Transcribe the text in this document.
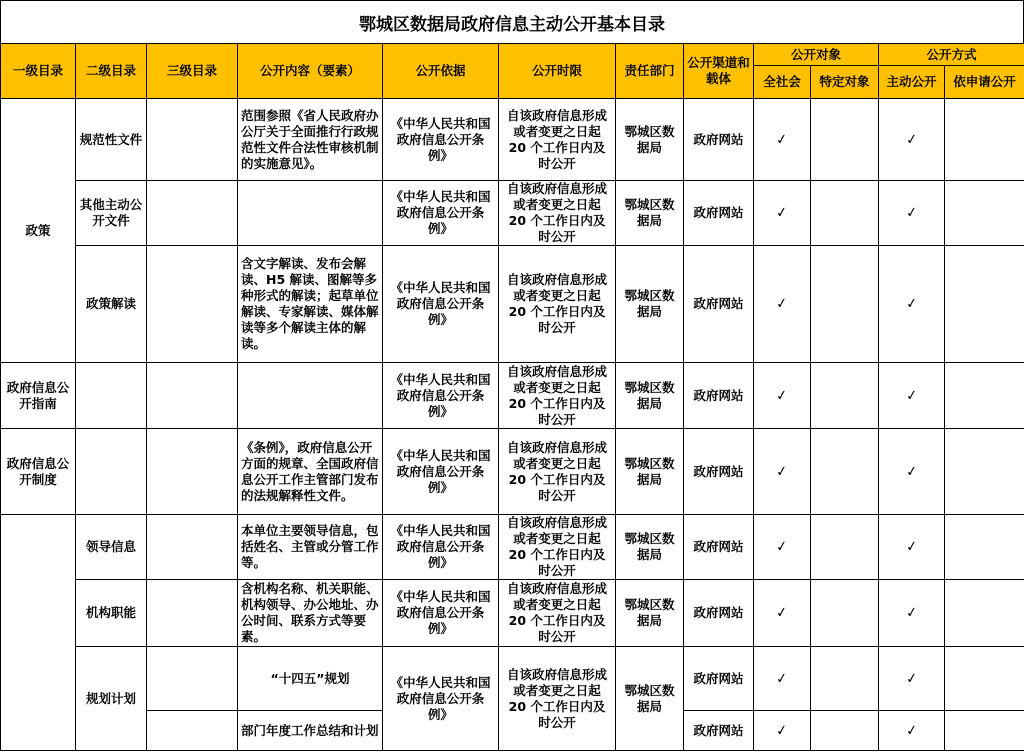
鄂城区数据局政府信息主动公开基本目录
一级目录	二级目录	三级目录	公开内容（要素）	公开依据	公开时限	责任部门	公开渠道和载体	公开对象		公开方式	
								全社会	特定对象	主动公开	依申请公开
政策	规范性文件		范围参照《省人民政府办公厅关于全面推行行政规范性文件合法性审核机制的实施意见》。	《中华人民共和国政府信息公开条例》	自该政府信息形成或者变更之日起 20 个工作日内及时公开	鄂城区数据局	政府网站	✓		✓	
	其他主动公开文件			《中华人民共和国政府信息公开条例》	自该政府信息形成或者变更之日起 20 个工作日内及时公开	鄂城区数据局	政府网站	✓		✓	
	政策解读		含文字解读、发布会解读、H5 解读、图解等多种形式的解读；起草单位解读、专家解读、媒体解读等多个解读主体的解读。	《中华人民共和国政府信息公开条例》	自该政府信息形成或者变更之日起 20 个工作日内及时公开	鄂城区数据局	政府网站	✓		✓	
政府信息公开指南				《中华人民共和国政府信息公开条例》	自该政府信息形成或者变更之日起 20 个工作日内及时公开	鄂城区数据局	政府网站	✓		✓	
政府信息公开制度			《条例》，政府信息公开方面的规章、全国政府信息公开工作主管部门发布的法规解释性文件。	《中华人民共和国政府信息公开条例》	自该政府信息形成或者变更之日起 20 个工作日内及时公开	鄂城区数据局	政府网站	✓		✓	
	领导信息		本单位主要领导信息，包括姓名、主管或分管工作等。	《中华人民共和国政府信息公开条例》	自该政府信息形成或者变更之日起 20 个工作日内及时公开	鄂城区数据局	政府网站	✓		✓	
	机构职能		含机构名称、机关职能、机构领导、办公地址、办公时间、联系方式等要素。	《中华人民共和国政府信息公开条例》	自该政府信息形成或者变更之日起 20 个工作日内及时公开	鄂城区数据局	政府网站	✓		✓	
	规划计划		“十四五”规划	《中华人民共和国政府信息公开条例》	自该政府信息形成或者变更之日起 20 个工作日内及时公开	鄂城区数据局	政府网站	✓		✓	
			部门年度工作总结和计划				政府网站	✓		✓	
